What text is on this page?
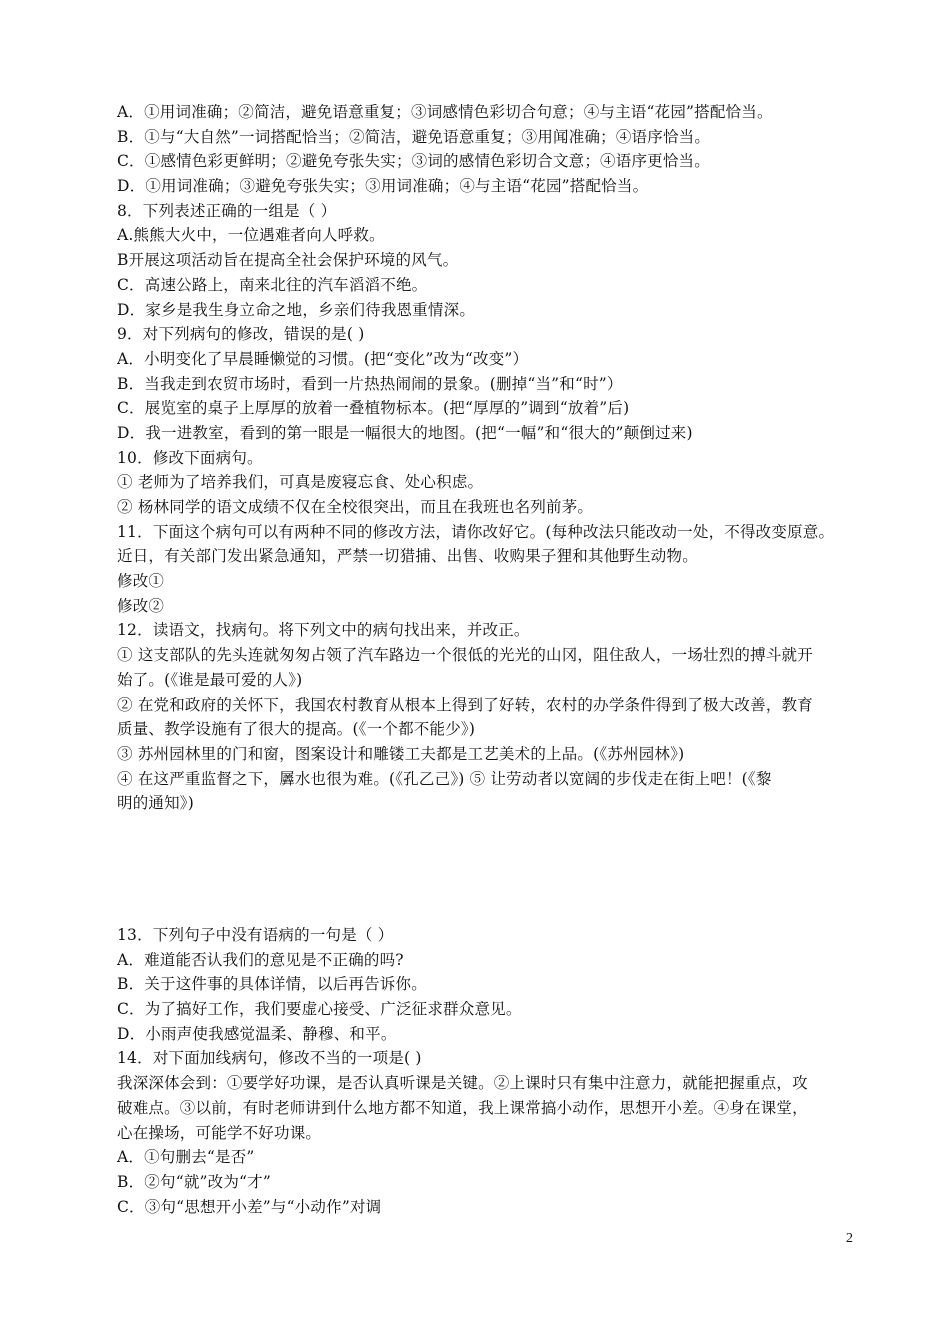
A．①用词准确；②简洁，避免语意重复；③词感情色彩切合句意；④与主语“花园”搭配恰当。
B．①与“大自然”一词搭配恰当；②简洁，避免语意重复；③用闻准确；④语序恰当。
C．①感情色彩更鲜明；②避免夸张失实；③词的感情色彩切合文意；④语序更恰当。
D．①用词准确；③避免夸张失实；③用词准确；④与主语“花园”搭配恰当。
8．下列表述正确的一组是（ ）
A.熊熊大火中，一位遇难者向人呼救。
B开展这项活动旨在提高全社会保护环境的风气。
C．高速公路上，南来北往的汽车滔滔不绝。
D．家乡是我生身立命之地，乡亲们待我恩重情深。
9．对下列病句的修改，错误的是( )
A．小明变化了早晨睡懒觉的习惯。(把“变化”改为“改变”）
B．当我走到农贸市场时，看到一片热热闹闹的景象。(删掉“当”和“时”）
C．展览室的桌子上厚厚的放着一叠植物标本。(把“厚厚的”调到“放着”后)
D．我一进教室，看到的第一眼是一幅很大的地图。(把“一幅”和“很大的”颠倒过来)
10．修改下面病句。
① 老师为了培养我们，可真是废寝忘食、处心积虑。
② 杨林同学的语文成绩不仅在全校很突出，而且在我班也名列前茅。
11．下面这个病句可以有两种不同的修改方法，请你改好它。(每种改法只能改动一处，不得改变原意。
近日，有关部门发出紧急通知，严禁一切猎捕、出售、收购果子狸和其他野生动物。
修改①
修改②
12．读语文，找病句。将下列文中的病句找出来，并改正。
① 这支部队的先头连就匆匆占领了汽车路边一个很低的光光的山冈，阻住敌人，一场壮烈的搏斗就开
始了。(《谁是最可爱的人》)
② 在党和政府的关怀下，我国农村教育从根本上得到了好转，农村的办学条件得到了极大改善，教育
质量、教学设施有了很大的提高。(《一个都不能少》)
③ 苏州园林里的门和窗，图案设计和雕镂工夫都是工艺美术的上品。(《苏州园林》)
④ 在这严重监督之下，羼水也很为难。(《孔乙己》) ⑤ 让劳动者以宽阔的步伐走在街上吧！(《黎
明的通知》)
13．下列句子中没有语病的一句是（ ）
A．难道能否认我们的意见是不正确的吗?
B．关于这件事的具体详情，以后再告诉你。
C．为了搞好工作，我们要虚心接受、广泛征求群众意见。
D．小雨声使我感觉温柔、静穆、和平。
14．对下面加线病句，修改不当的一项是( )
我深深体会到：①要学好功课，是否认真听课是关键。②上课时只有集中注意力，就能把握重点，攻
破难点。③以前，有时老师讲到什么地方都不知道，我上课常搞小动作，思想开小差。④身在课堂，
心在操场，可能学不好功课。
A．①句删去“是否”
B．②句“就”改为“才”
C．③句“思想开小差”与“小动作”对调
2
